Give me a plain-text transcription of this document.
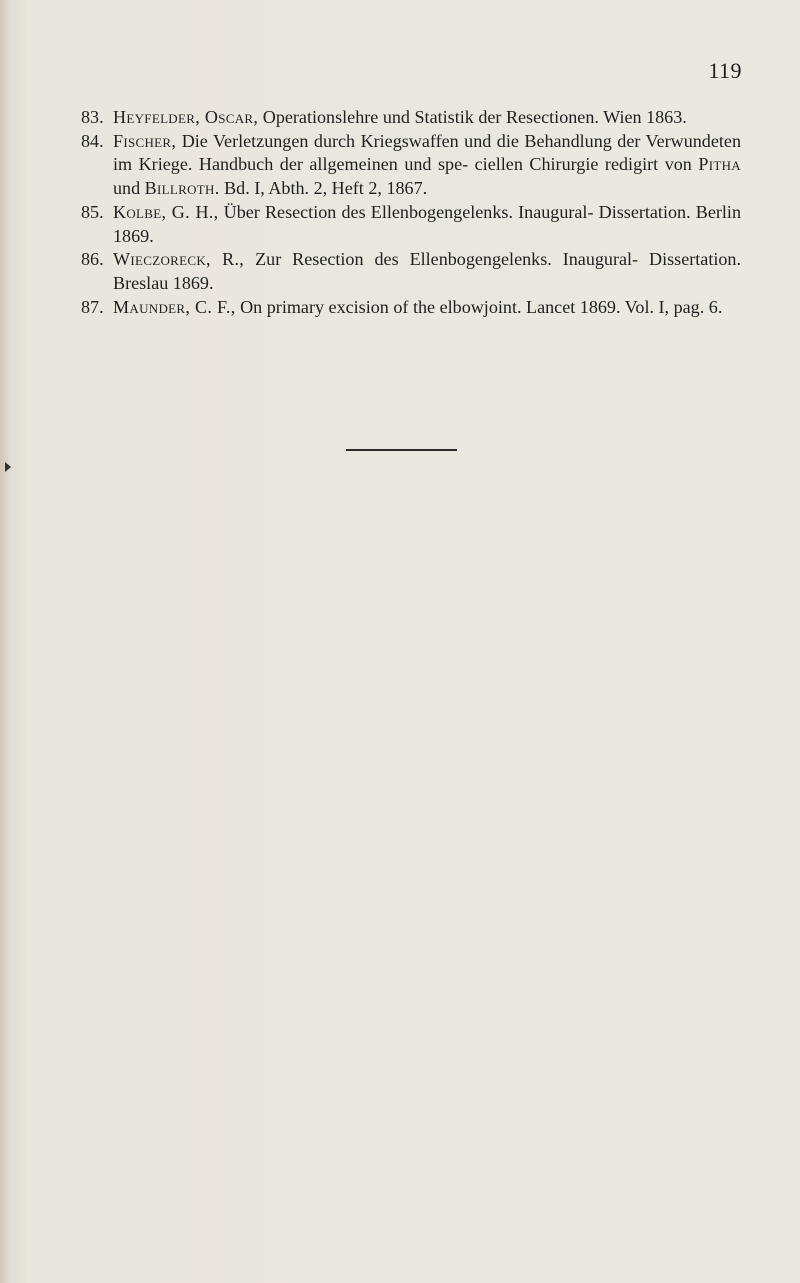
119
83. Heyfelder, Oscar, Operationslehre und Statistik der Resectionen. Wien 1863.
84. Fischer, Die Verletzungen durch Kriegswaffen und die Behandlung der Verwundeten im Kriege. Handbuch der allgemeinen und spe- ciellen Chirurgie redigirt von Pitha und Billroth. Bd. I, Abth. 2, Heft 2, 1867.
85. Kolbe, G. H., Über Resection des Ellenbogengelenks. Inaugural- Dissertation. Berlin 1869.
86. Wieczoreck, R., Zur Resection des Ellenbogengelenks. Inaugural- Dissertation. Breslau 1869.
87. Maunder, C. F., On primary excision of the elbowjoint. Lancet 1869. Vol. I, pag. 6.
